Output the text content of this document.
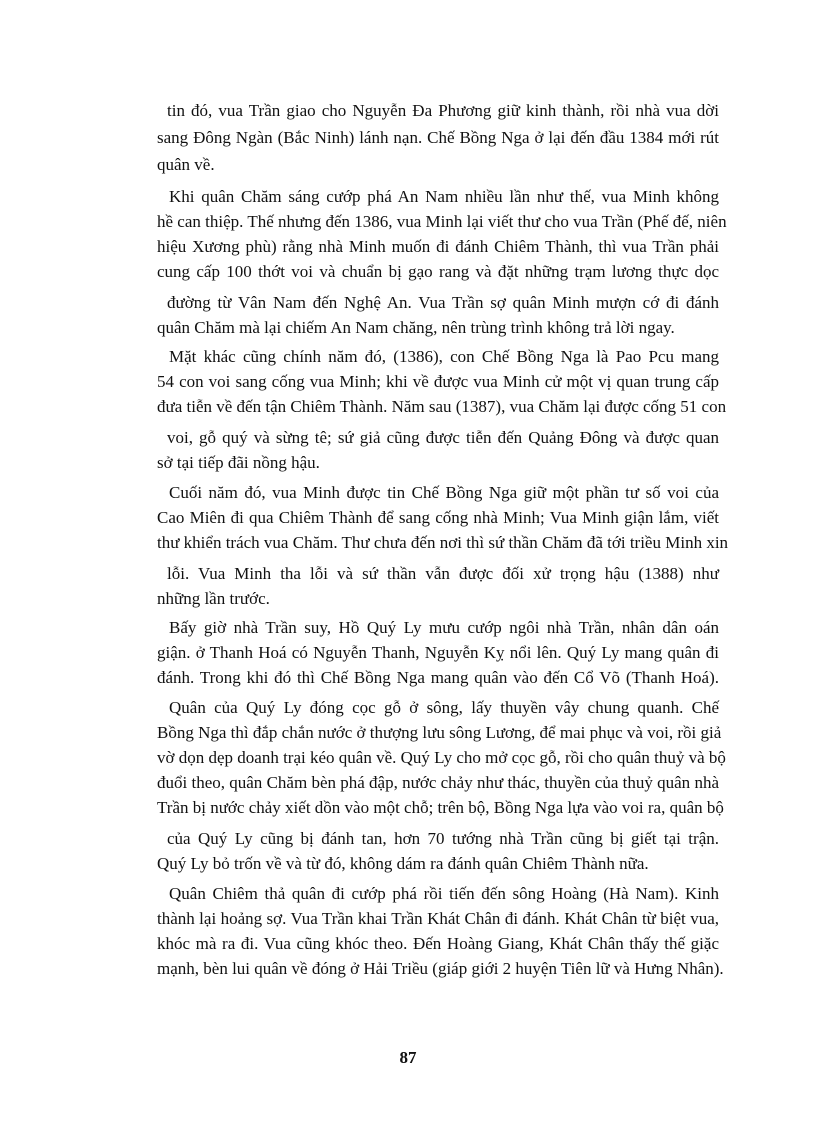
tin đó, vua Trần giao cho Nguyễn Đa Phương giữ kinh thành, rồi nhà vua dời
sang Đông Ngàn (Bắc Ninh) lánh nạn. Chế Bồng Nga ở lại đến đầu 1384 mới rút
quân về.
Khi quân Chăm sáng cướp phá An Nam nhiều lần như thế, vua Minh không
hề can thiệp. Thế nhưng đến 1386, vua Minh lại viết thư cho vua Trần (Phế đế, niên
hiệu Xương phù) rằng nhà Minh muốn đi đánh Chiêm Thành, thì vua Trần phải
cung cấp 100 thớt voi và chuẩn bị gạo rang và đặt những trạm lương thực dọc
đường từ Vân Nam đến Nghệ An. Vua Trần sợ quân Minh mượn cớ đi đánh
quân Chăm mà lại chiếm An Nam chăng, nên trùng trình không trả lời ngay.
Mặt khác cũng chính năm đó, (1386), con Chế Bồng Nga là Pao Pcu mang
54 con voi sang cống vua Minh; khi về được vua Minh cử một vị quan trung cấp
đưa tiễn về đến tận Chiêm Thành. Năm sau (1387), vua Chăm lại được cống 51 con
voi, gỗ quý và sừng tê; sứ giả cũng được tiễn đến Quảng Đông và được quan
sở tại tiếp đãi nồng hậu.
Cuối năm đó, vua Minh được tin Chế Bồng Nga giữ một phần tư số voi của
Cao Miên đi qua Chiêm Thành để sang cống nhà Minh; Vua Minh giận lắm, viết
thư khiển trách vua Chăm. Thư chưa đến nơi thì sứ thần Chăm đã tới triều Minh xin
lỗi. Vua Minh tha lỗi và sứ thần vẫn được đối xử trọng hậu (1388) như
những lần trước.
Bấy giờ nhà Trần suy, Hồ Quý Ly mưu cướp ngôi nhà Trần, nhân dân oán
giận. ở Thanh Hoá có Nguyễn Thanh, Nguyễn Kỵ nổi lên. Quý Ly mang quân đi
đánh. Trong khi đó thì Chế Bồng Nga mang quân vào đến Cổ Võ (Thanh Hoá).
Quân của Quý Ly đóng cọc gỗ ở sông, lấy thuyền vây chung quanh. Chế
Bồng Nga thì đắp chắn nước ở thượng lưu sông Lương, để mai phục và voi, rồi giả
vờ dọn dẹp doanh trại kéo quân về. Quý Ly cho mở cọc gỗ, rồi cho quân thuỷ và bộ
đuổi theo, quân Chăm bèn phá đập, nước chảy như thác, thuyền của thuỷ quân nhà
Trần bị nước chảy xiết dồn vào một chỗ; trên bộ, Bồng Nga lựa vào voi ra, quân bộ
của Quý Ly cũng bị đánh tan, hơn 70 tướng nhà Trần cũng bị giết tại trận.
Quý Ly bỏ trốn về và từ đó, không dám ra đánh quân Chiêm Thành nữa.
Quân Chiêm thả quân đi cướp phá rồi tiến đến sông Hoàng (Hà Nam). Kinh
thành lại hoảng sợ. Vua Trần khai Trần Khát Chân đi đánh. Khát Chân từ biệt vua,
khóc mà ra đi. Vua cũng khóc theo. Đến Hoàng Giang, Khát Chân thấy thế giặc
mạnh, bèn lui quân về đóng ở Hải Triều (giáp giới 2 huyện Tiên lữ và Hưng Nhân).
87
